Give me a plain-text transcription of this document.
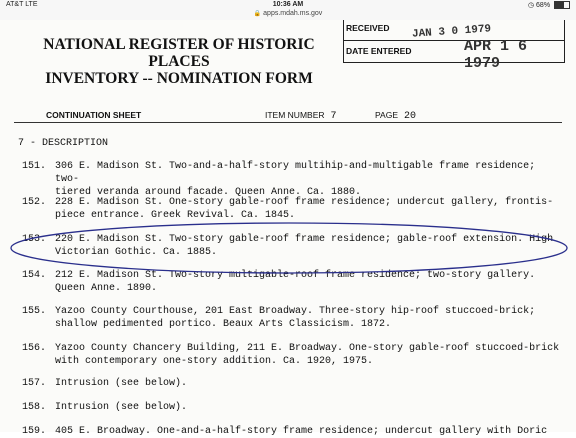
AT&T LTE	10:36 AM
🔒 apps.mdah.ms.gov
◷ 68%
NATIONAL REGISTER OF HISTORIC PLACES
INVENTORY -- NOMINATION FORM
RECEIVED JAN 3 0 1979
DATE ENTERED	APR 1 6 1979
CONTINUATION SHEET	ITEM NUMBER 7	PAGE 20
7 - DESCRIPTION
151. 306 E. Madison St. Two-and-a-half-story multihip-and-multigable frame residence; two-
tiered veranda around facade. Queen Anne. Ca. 1880.
152. 228 E. Madison St. One-story gable-roof frame residence; undercut gallery, frontis-
piece entrance. Greek Revival. Ca. 1845.
153. 220 E. Madison St. Two-story gable-roof frame residence; gable-roof extension. High
Victorian Gothic. Ca. 1885.
154. 212 E. Madison St. Two-story multigable-roof frame residence; two-story gallery.
Queen Anne. 1890.
155. Yazoo County Courthouse, 201 East Broadway. Three-story hip-roof stuccoed-brick;
shallow pedimented portico. Beaux Arts Classicism. 1872.
156. Yazoo County Chancery Building, 211 E. Broadway. One-story gable-roof stuccoed-brick
with contemporary one-story addition. Ca. 1920, 1975.
157. Intrusion (see below).
158. Intrusion (see below).
159. 405 E. Broadway. One-and-a-half-story frame residence; undercut gallery with Doric
